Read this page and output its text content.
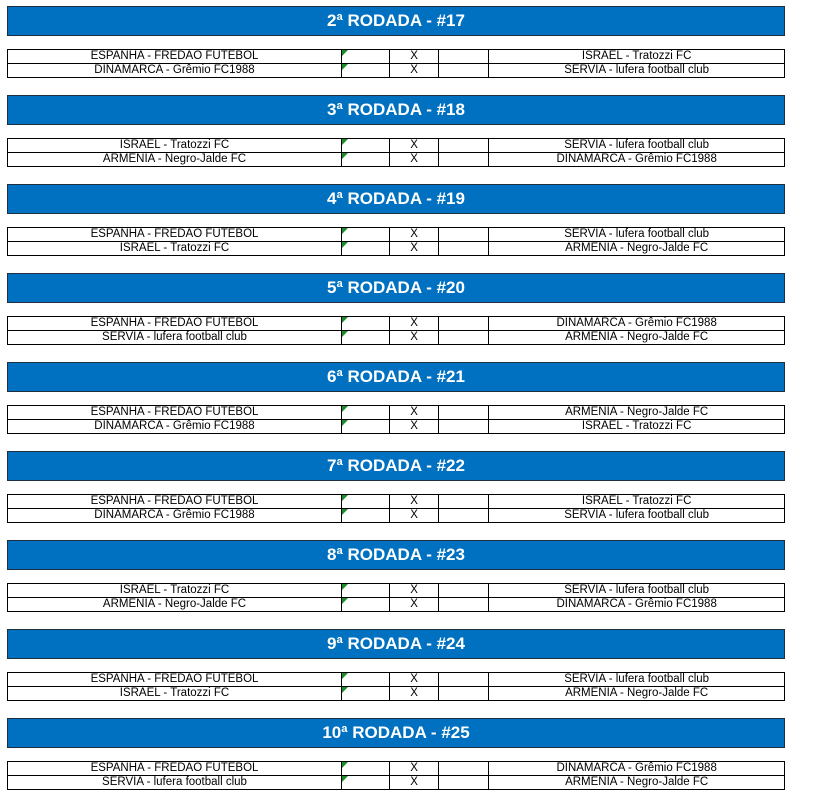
2ª RODADA - #17
ESPANHA - FREDÃO FUTEBOL		X		ISRAEL - Tratozzi FC
DINAMARCA - Grêmio FC1988		X		SÉRVIA - lufera football club
3ª RODADA - #18
ISRAEL - Tratozzi FC		X		SÉRVIA - lufera football club
ARMÊNIA - Negro-Jalde FC		X		DINAMARCA - Grêmio FC1988
4ª RODADA - #19
ESPANHA - FREDÃO FUTEBOL		X		SÉRVIA - lufera football club
ISRAEL - Tratozzi FC		X		ARMÊNIA - Negro-Jalde FC
5ª RODADA - #20
ESPANHA - FREDÃO FUTEBOL		X		DINAMARCA - Grêmio FC1988
SÉRVIA - lufera football club		X		ARMÊNIA - Negro-Jalde FC
6ª RODADA - #21
ESPANHA - FREDÃO FUTEBOL		X		ARMÊNIA - Negro-Jalde FC
DINAMARCA - Grêmio FC1988		X		ISRAEL - Tratozzi FC
7ª RODADA - #22
ESPANHA - FREDÃO FUTEBOL		X		ISRAEL - Tratozzi FC
DINAMARCA - Grêmio FC1988		X		SÉRVIA - lufera football club
8ª RODADA - #23
ISRAEL - Tratozzi FC		X		SÉRVIA - lufera football club
ARMÊNIA - Negro-Jalde FC		X		DINAMARCA - Grêmio FC1988
9ª RODADA - #24
ESPANHA - FREDÃO FUTEBOL		X		SÉRVIA - lufera football club
ISRAEL - Tratozzi FC		X		ARMÊNIA - Negro-Jalde FC
10ª RODADA - #25
ESPANHA - FREDÃO FUTEBOL		X		DINAMARCA - Grêmio FC1988
SÉRVIA - lufera football club		X		ARMÊNIA - Negro-Jalde FC
